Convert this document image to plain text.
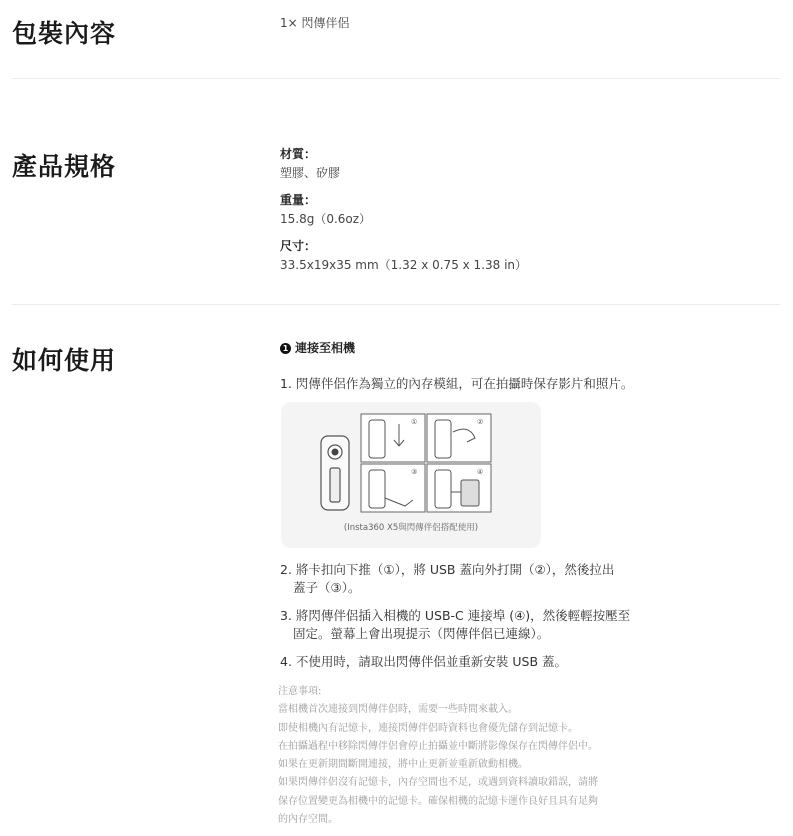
包裝內容	1× 閃傳伴侶
產品規格	材質：
塑膠、矽膠
重量：
15.8g（0.6oz）
尺寸：
33.5x19x35 mm（1.32 x 0.75 x 1.38 in）
如何使用	1 連接至相機
1. 閃傳伴侶作為獨立的內存模組，可在拍攝時保存影片和照片。
①	②
③	④
(Insta360 X5與閃傳伴侶搭配使用)
2. 將卡扣向下推（①），將 USB 蓋向外打開（②），然後拉出
蓋子（③）。
3. 將閃傳伴侶插入相機的 USB-C 連接埠 (④)，然後輕輕按壓至
固定。螢幕上會出現提示（閃傳伴侶已連線）。
4. 不使用時，請取出閃傳伴侶並重新安裝 USB 蓋。
注意事項:
當相機首次連接到閃傳伴侶時，需要一些時間來載入。
即使相機內有記憶卡，連接閃傳伴侶時資料也會優先儲存到記憶卡。
在拍攝過程中移除閃傳伴侶會停止拍攝並中斷將影像保存在閃傳伴侶中。
如果在更新期間斷開連接，將中止更新並重新啟動相機。
如果閃傳伴侶沒有記憶卡，內存空間也不足，或遇到資料讀取錯誤，請將
保存位置變更為相機中的記憶卡。確保相機的記憶卡運作良好且具有足夠
的內存空間。
